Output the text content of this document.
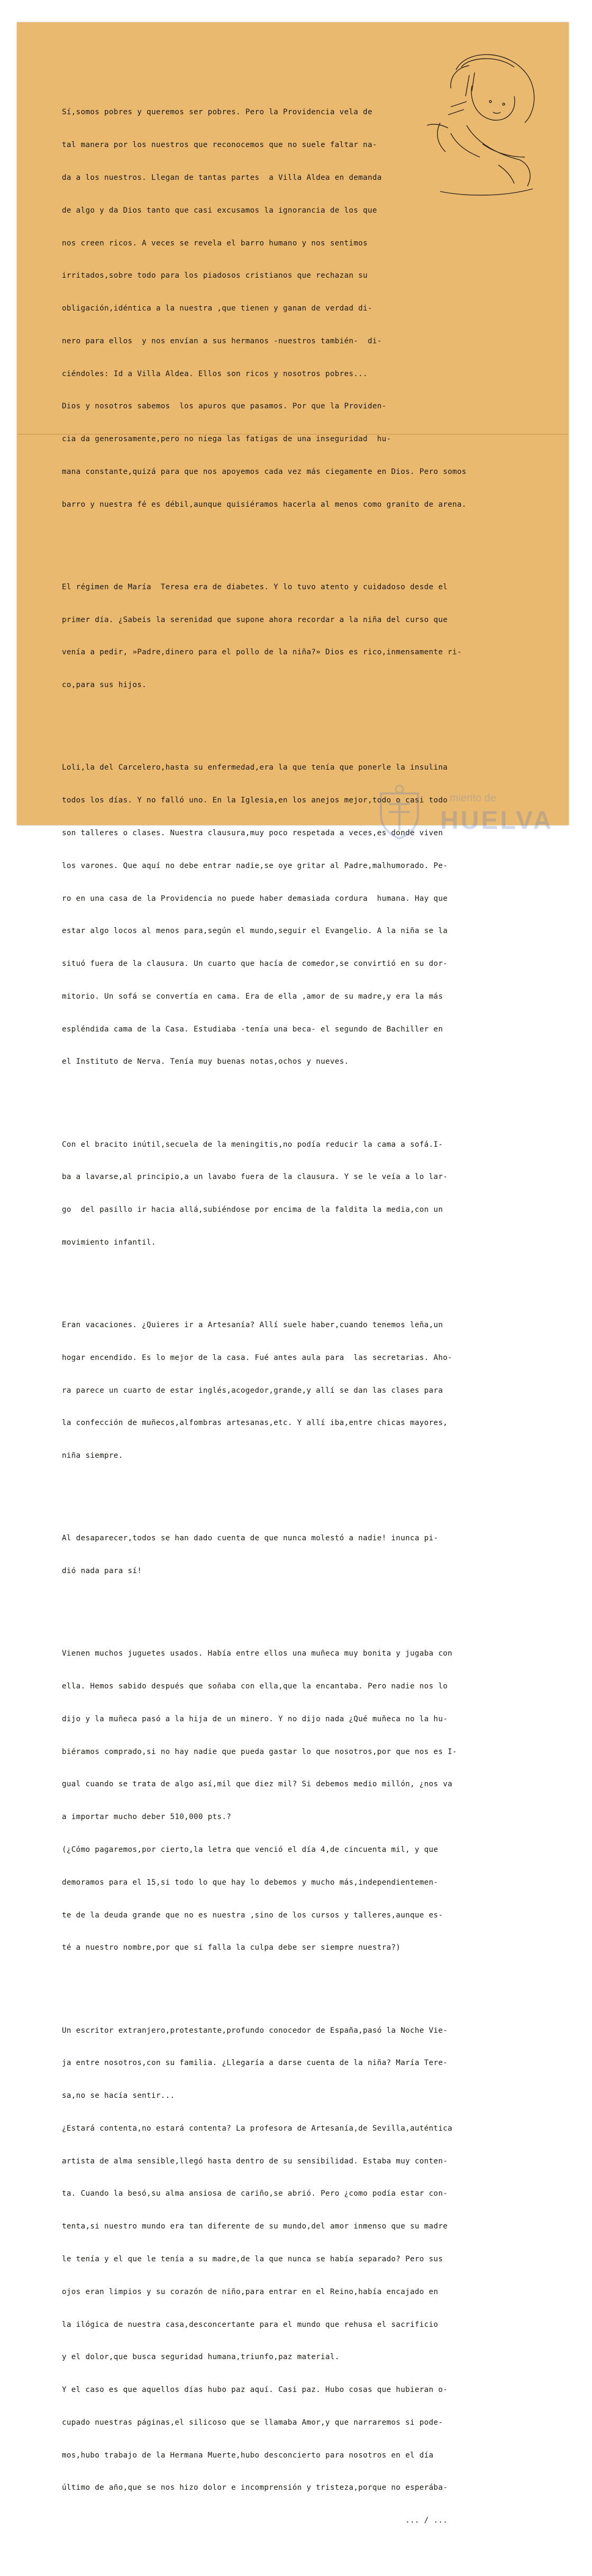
Sí,somos pobres y queremos ser pobres. Pero la Providencia vela de

tal manera por los nuestros que reconocemos que no suele faltar na-

da a los nuestros. Llegan de tantas partes  a Villa Aldea en demanda

de algo y da Dios tanto que casi excusamos la ignorancia de los que

nos creen ricos. A veces se revela el barro humano y nos sentimos

irritados,sobre todo para los piadosos cristianos que rechazan su

obligación,idéntica a la nuestra ,que tienen y ganan de verdad di-

nero para ellos  y nos envían a sus hermanos -nuestros también-  di-

ciéndoles: Id a Villa Aldea. Ellos son ricos y nosotros pobres...

Dios y nosotros sabemos  los apuros que pasamos. Por que la Providen-

cia da generosamente,pero no niega las fatigas de una inseguridad  hu-

mana constante,quizá para que nos apoyemos cada vez más ciegamente en Dios. Pero somos

barro y nuestra fé es débil,aunque quisiéramos hacerla al menos como granito de arena.

El régimen de María  Teresa era de diabetes. Y lo tuvo atento y cuidadoso desde el

primer día. ¿Sabeis la serenidad que supone ahora recordar a la niña del curso que

venía a pedir, »Padre,dinero para el pollo de la niña?» Dios es rico,inmensamente ri-

co,para sus hijos.

Loli,la del Carcelero,hasta su enfermedad,era la que tenía que ponerle la insulina

todos los días. Y no falló uno. En la Iglesia,en los anejos mejor,todo o casi todo

son talleres o clases. Nuestra clausura,muy poco respetada a veces,es donde viven

los varones. Que aquí no debe entrar nadie,se oye gritar al Padre,malhumorado. Pe-

ro en una casa de la Providencia no puede haber demasiada cordura  humana. Hay que

estar algo locos al menos para,según el mundo,seguir el Evangelio. A la niña se la

situó fuera de la clausura. Un cuarto que hacía de comedor,se convirtió en su dor-

mitorio. Un sofá se convertía en cama. Era de ella ,amor de su madre,y era la más

espléndida cama de la Casa. Estudiaba -tenía una beca- el segundo de Bachiller en

el Instituto de Nerva. Tenía muy buenas notas,ochos y nueves.

Con el bracito inútil,secuela de la meningitis,no podía reducir la cama a sofá.I-

ba a lavarse,al principio,a un lavabo fuera de la clausura. Y se le veía a lo lar-

go  del pasillo ir hacia allá,subiéndose por encima de la faldita la media,con un

movimiento infantil.

Eran vacaciones. ¿Quieres ir a Artesanía? Allí suele haber,cuando tenemos leña,un

hogar encendido. Es lo mejor de la casa. Fué antes aula para  las secretarias. Aho-

ra parece un cuarto de estar inglés,acogedor,grande,y allí se dan las clases para

la confección de muñecos,alfombras artesanas,etc. Y allí iba,entre chicas mayores,

niña siempre.

Al desaparecer,todos se han dado cuenta de que nunca molestó a nadie! inunca pi-

dió nada para sí!

Vienen muchos juguetes usados. Había entre ellos una muñeca muy bonita y jugaba con

ella. Hemos sabido después que soñaba con ella,que la encantaba. Pero nadie nos lo

dijo y la muñeca pasó a la hija de un minero. Y no dijo nada ¿Qué muñeca no la hu-

biéramos comprado,si no hay nadie que pueda gastar lo que nosotros,por que nos es I-

gual cuando se trata de algo así,mil que diez mil? Si debemos medio millón, ¿nos va

a importar mucho deber 510,000 pts.?

(¿Cómo pagaremos,por cierto,la letra que venció el día 4,de cincuenta mil, y que

demoramos para el 15,si todo lo que hay lo debemos y mucho más,independientemen-

te de la deuda grande que no es nuestra ,sino de los cursos y talleres,aunque es-

té a nuestro nombre,por que si falla la culpa debe ser siempre nuestra?)

Un escritor extranjero,protestante,profundo conocedor de España,pasó la Noche Vie-

ja entre nosotros,con su familia. ¿Llegaría a darse cuenta de la niña? María Tere-

sa,no se hacía sentir...

¿Estará contenta,no estará contenta? La profesora de Artesanía,de Sevilla,auténtica

artista de alma sensible,llegó hasta dentro de su sensibilidad. Estaba muy conten-

ta. Cuando la besó,su alma ansiosa de cariño,se abrió. Pero ¿como podía estar con-

tenta,si nuestro mundo era tan diferente de su mundo,del amor inmenso que su madre

le tenía y el que le tenía a su madre,de la que nunca se había separado? Pero sus

ojos eran limpios y su corazón de niño,para entrar en el Reino,había encajado en

la ilógica de nuestra casa,desconcertante para el mundo que rehusa el sacrificio

y el dolor,que busca seguridad humana,triunfo,paz material.

Y el caso es que aquellos días hubo paz aquí. Casi paz. Hubo cosas que hubieran o-

cupado nuestras páginas,el silicoso que se llamaba Amor,y que narraremos si pode-

mos,hubo trabajo de la Hermana Muerte,hubo desconcierto para nosotros en el día

último de año,que se nos hizo dolor e incomprensión y tristeza,porque no esperába-

... / ...

miento de
HUELVA
